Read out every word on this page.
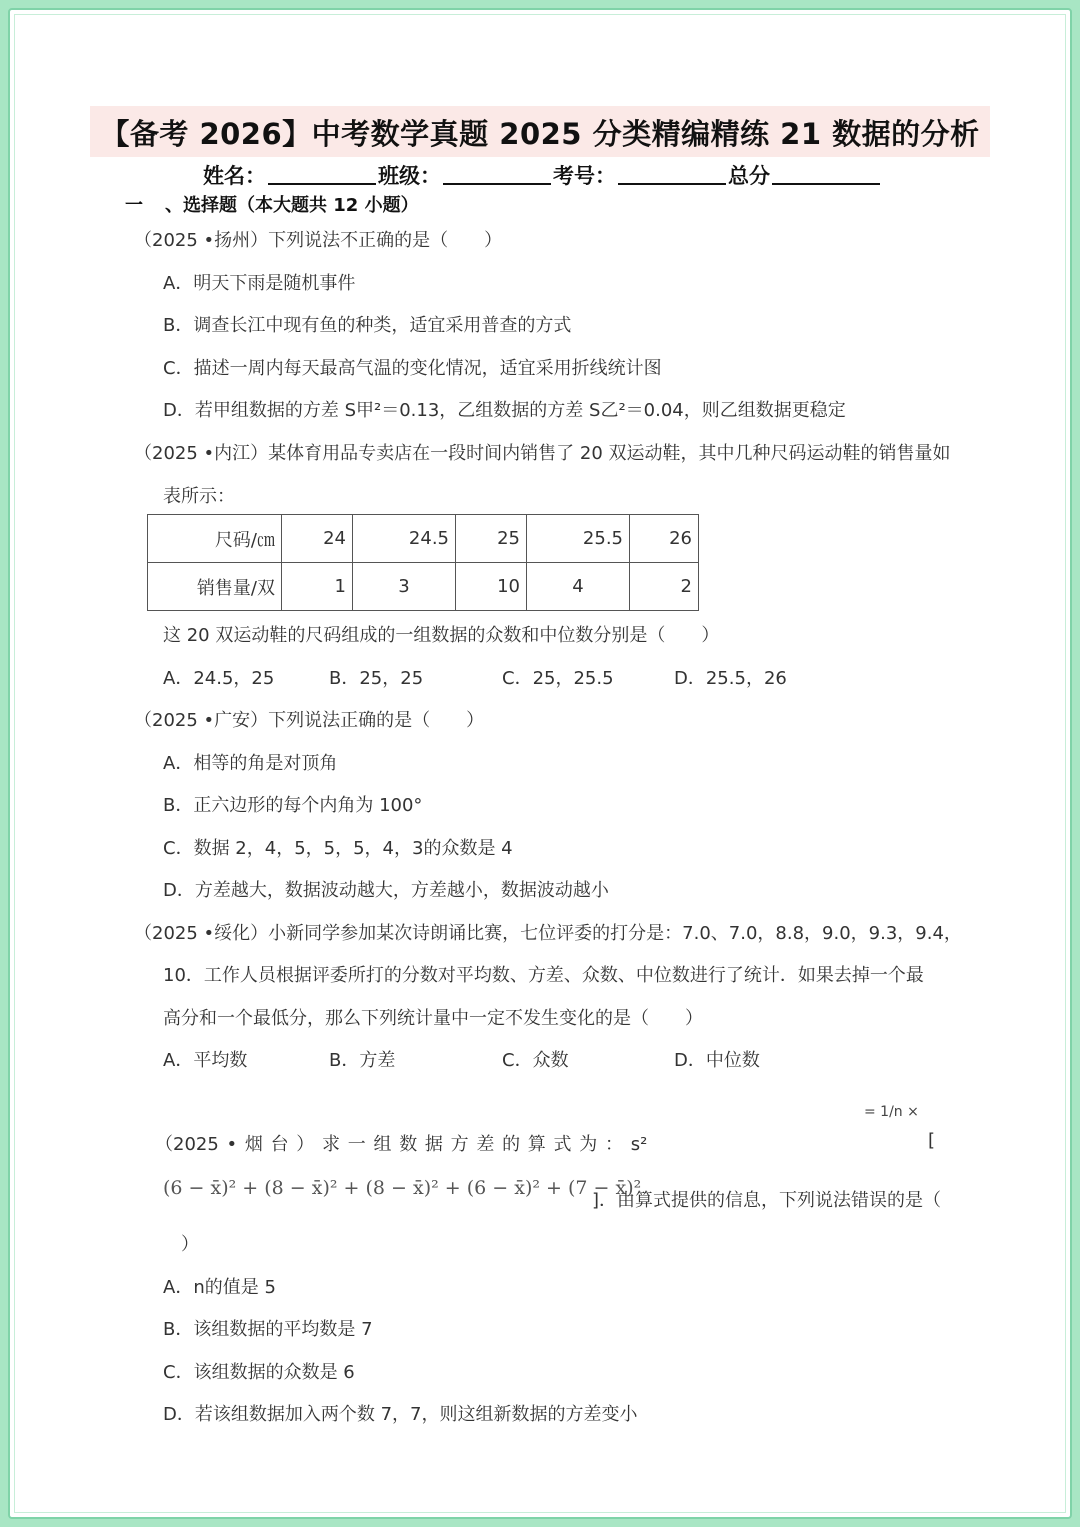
【备考 2026】中考数学真题 2025 分类精编精练 21 数据的分析
姓名：	班级：	考号：	总分
一 、选择题（本大题共 12 小题）
（2025 •扬州）下列说法不正确的是（　　）
A．明天下雨是随机事件
B．调查长江中现有鱼的种类，适宜采用普查的方式
C．描述一周内每天最高气温的变化情况，适宜采用折线统计图
D．若甲组数据的方差 S甲²＝0.13，乙组数据的方差 S乙²＝0.04，则乙组数据更稳定
（2025 •内江）某体育用品专卖店在一段时间内销售了 20 双运动鞋，其中几种尺码运动鞋的销售量如
表所示：
尺码/㎝	24	24.5	25	25.5	26
销售量/双	1	3	10	4	2
这 20 双运动鞋的尺码组成的一组数据的众数和中位数分别是（　　）
A．24.5，25	B．25，25	C．25，25.5	D．25.5，26
（2025 •广安）下列说法正确的是（　　）
A．相等的角是对顶角
B．正六边形的每个内角为 100°
C．数据 2，4，5，5，5，4，3的众数是 4
D．方差越大，数据波动越大，方差越小，数据波动越小
（2025 •绥化）小新同学参加某次诗朗诵比赛，七位评委的打分是：7.0、7.0，8.8，9.0，9.3，9.4，
10．工作人员根据评委所打的分数对平均数、方差、众数、中位数进行了统计．如果去掉一个最
高分和一个最低分，那么下列统计量中一定不发生变化的是（　　）
A．平均数	B．方差	C．众数	D．中位数
（2025 • 烟 台 ） 求 一 组 数 据 方 差 的 算 式 为 ： s²
= 1/n ×
[
(6 − x̄)² + (8 − x̄)² + (8 − x̄)² + (6 − x̄)² + (7 − x̄)²
]．由算式提供的信息，下列说法错误的是（
）
A．n的值是 5
B．该组数据的平均数是 7
C．该组数据的众数是 6
D．若该组数据加入两个数 7，7，则这组新数据的方差变小
